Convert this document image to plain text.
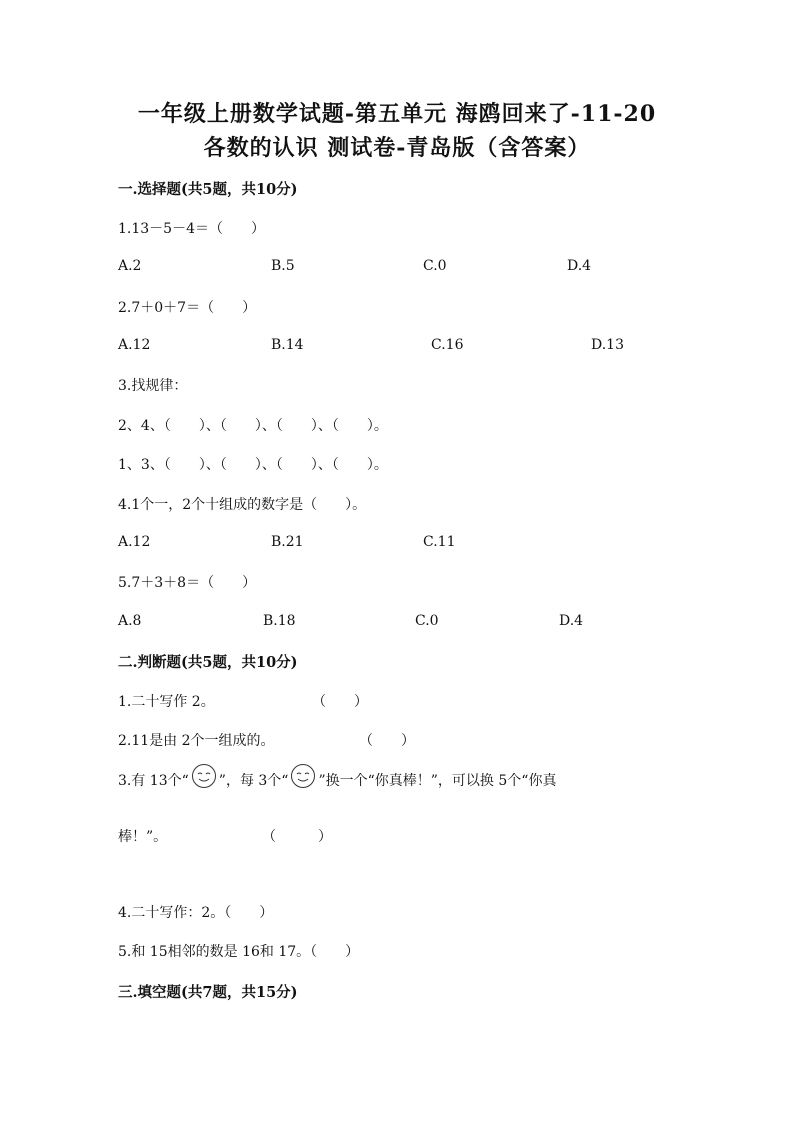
一年级上册数学试题-第五单元 海鸥回来了-11-20
各数的认识 测试卷-青岛版（含答案）
一.选择题(共5题，共10分)
1.13－5－4＝（　　）
A.2	B.5	C.0	D.4
2.7＋0＋7＝（　　）
A.12	B.14	C.16	D.13
3.找规律：
2、4、（　　）、（　　）、（　　）、（　　）。
1、3、（　　）、（　　）、（　　）、（　　）。
4.1个一，2个十组成的数字是（　　）。
A.12	B.21	C.11
5.7＋3＋8＝（　　）
A.8	B.18	C.0	D.4
二.判断题(共5题，共10分)
1.二十写作 2。	（　　）
2.11是由 2个一组成的。	（　　）
3.有 13个“ ”，每 3个“ ”换一个“你真棒！”，可以换 5个“你真
棒！”。	（　　　）
4.二十写作：2。（　　）
5.和 15相邻的数是 16和 17。（　　）
三.填空题(共7题，共15分)
